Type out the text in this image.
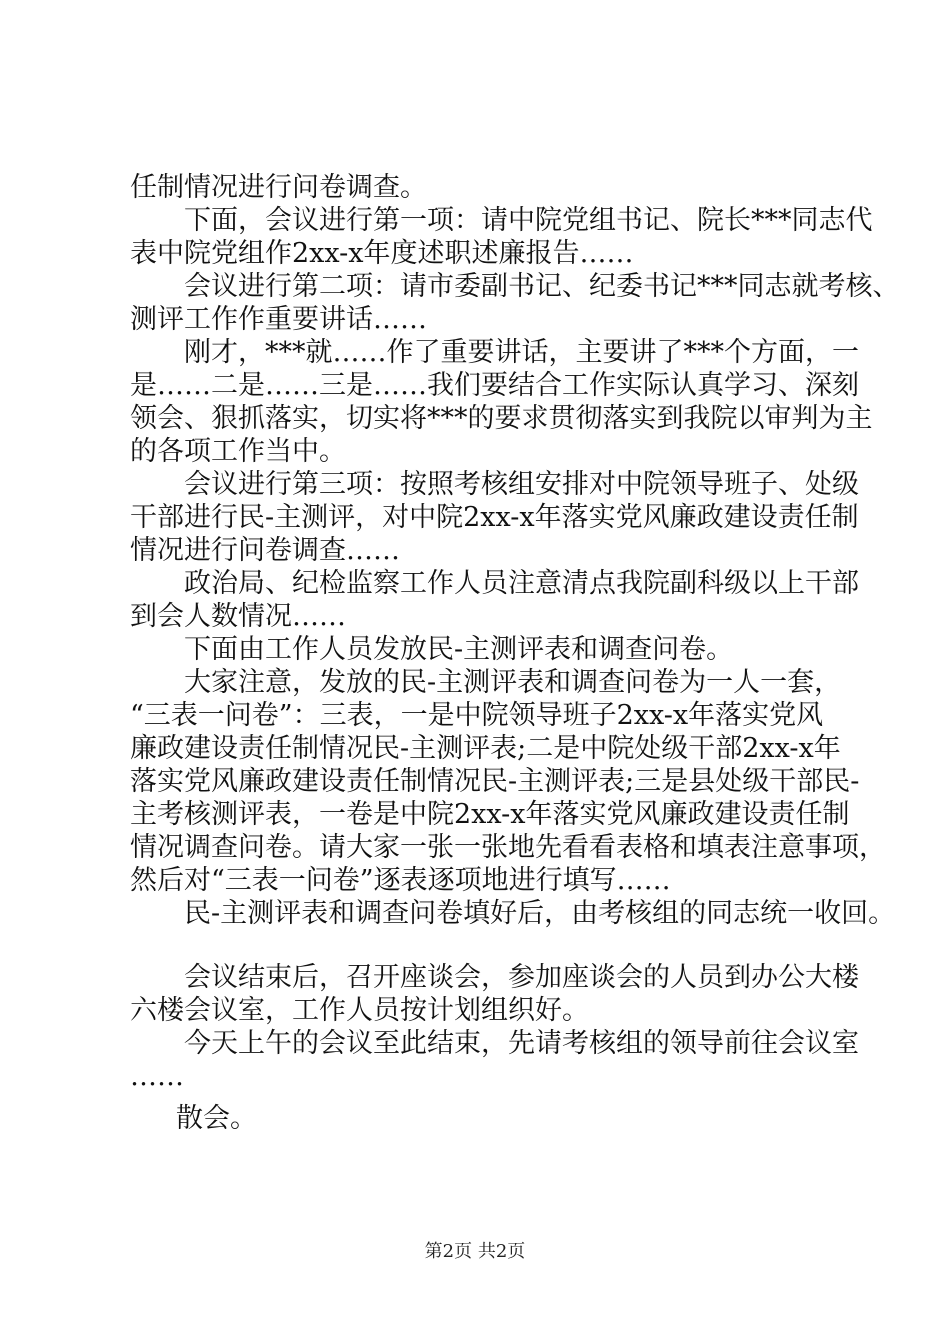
任制情况进行问卷调查。
下面，会议进行第一项：请中院党组书记、院长***同志代
表中院党组作2xx-x年度述职述廉报告……
会议进行第二项：请市委副书记、纪委书记***同志就考核、
测评工作作重要讲话……
刚才，***就……作了重要讲话，主要讲了***个方面，一
是……二是……三是……我们要结合工作实际认真学习、深刻
领会、狠抓落实，切实将***的要求贯彻落实到我院以审判为主
的各项工作当中。
会议进行第三项：按照考核组安排对中院领导班子、处级
干部进行民-主测评，对中院2xx-x年落实党风廉政建设责任制
情况进行问卷调查……
政治局、纪检监察工作人员注意清点我院副科级以上干部
到会人数情况……
下面由工作人员发放民-主测评表和调查问卷。
大家注意，发放的民-主测评表和调查问卷为一人一套，
“三表一问卷”：三表，一是中院领导班子2xx-x年落实党风
廉政建设责任制情况民-主测评表;二是中院处级干部2xx-x年
落实党风廉政建设责任制情况民-主测评表;三是县处级干部民-
主考核测评表，一卷是中院2xx-x年落实党风廉政建设责任制
情况调查问卷。请大家一张一张地先看看表格和填表注意事项，
然后对“三表一问卷”逐表逐项地进行填写……
民-主测评表和调查问卷填好后，由考核组的同志统一收回。
会议结束后，召开座谈会，参加座谈会的人员到办公大楼
六楼会议室，工作人员按计划组织好。
今天上午的会议至此结束，先请考核组的领导前往会议室
……
散会。
第2页 共2页
